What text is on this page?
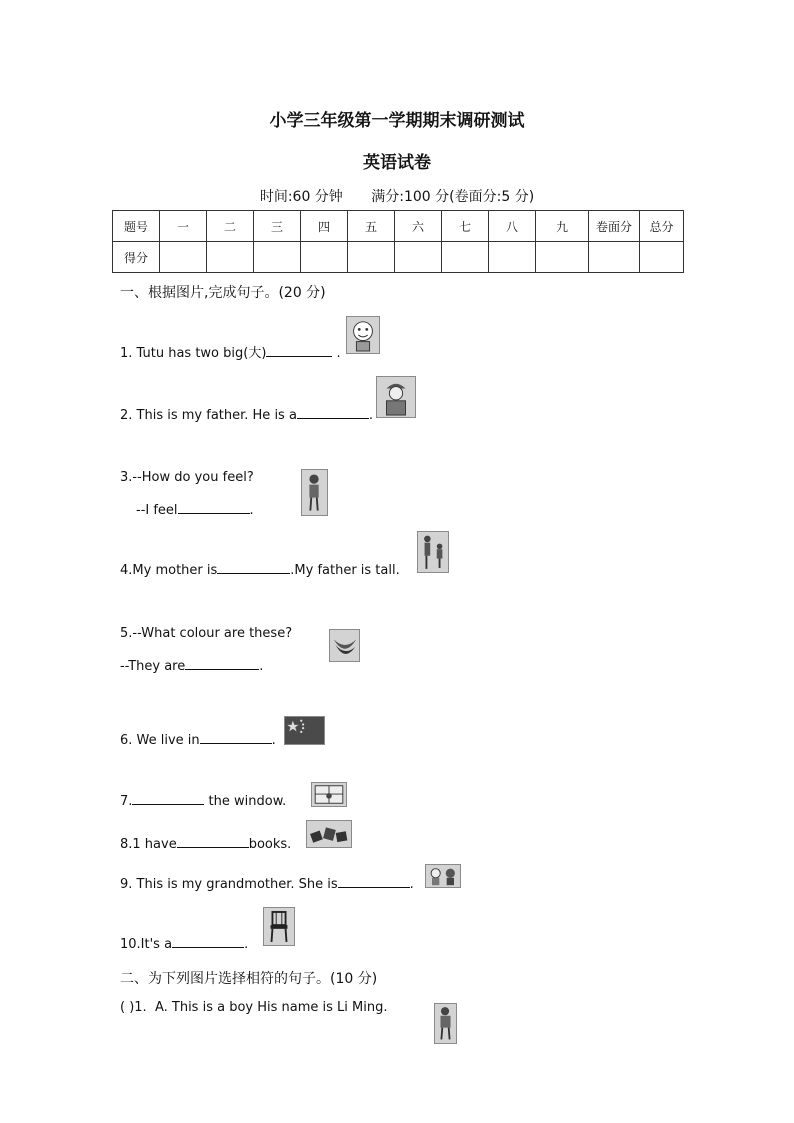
小学三年级第一学期期末调研测试
英语试卷
时间:60 分钟 满分:100 分(卷面分:5 分)
题号	一	二	三	四	五	六	七	八	九	卷面分	总分
得分											
一、根据图片,完成句子。(20 分)
1. Tutu has two big(大)	.
2. This is my father. He is a	.
3.--How do you feel?
--I feel	.
4.My mother is	.My father is tall.
5.--What colour are these?
--They are	.
6. We live in	.
7.	the window.
8.1 have	books.
9. This is my grandmother. She is	.
10.It's a	.
二、为下列图片选择相符的句子。(10 分)
( )1. A. This is a boy His name is Li Ming.
